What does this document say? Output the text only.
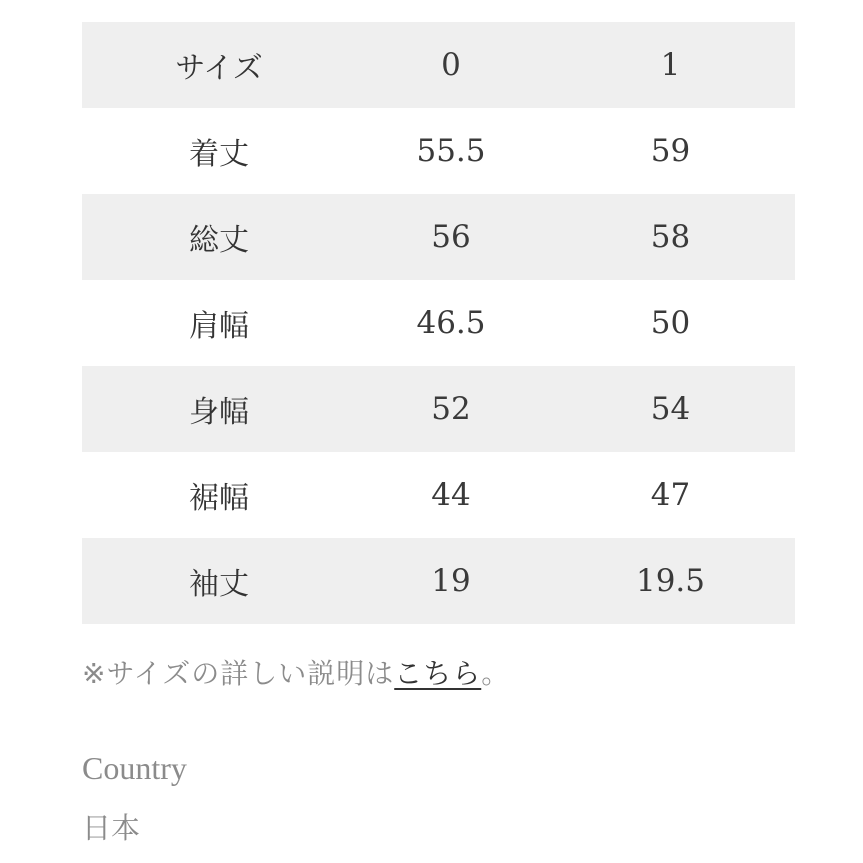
サイズ	0	1
着丈	55.5	59
総丈	56	58
肩幅	46.5	50
身幅	52	54
裾幅	44	47
袖丈	19	19.5
※サイズの詳しい説明はこちら。
Country
日本
